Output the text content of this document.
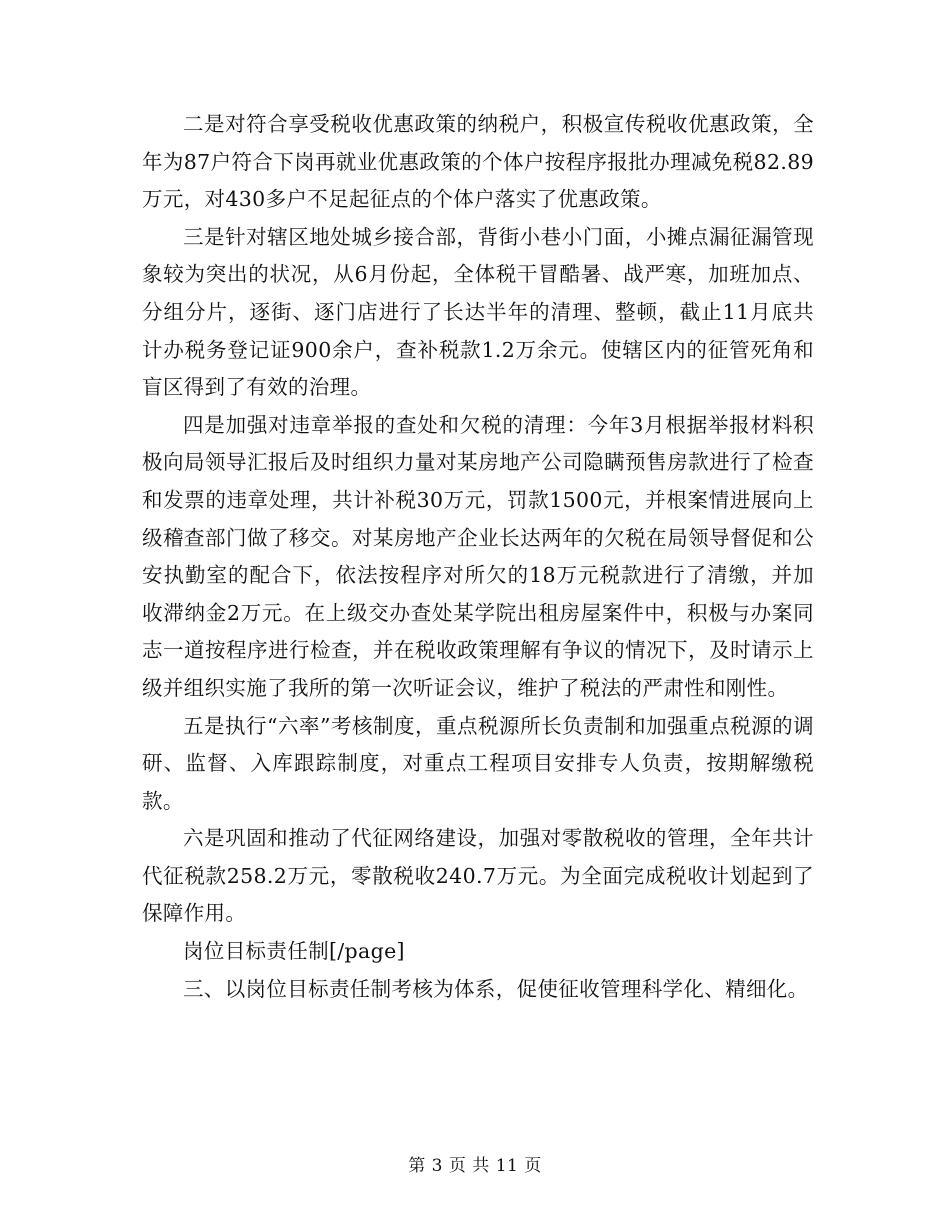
二是对符合享受税收优惠政策的纳税户，积极宣传税收优惠政策，全年为87户符合下岗再就业优惠政策的个体户按程序报批办理减免税82.89万元，对430多户不足起征点的个体户落实了优惠政策。

三是针对辖区地处城乡接合部，背街小巷小门面，小摊点漏征漏管现象较为突出的状况，从6月份起，全体税干冒酷暑、战严寒，加班加点、分组分片，逐街、逐门店进行了长达半年的清理、整顿，截止11月底共计办税务登记证900余户，查补税款1.2万余元。使辖区内的征管死角和盲区得到了有效的治理。

四是加强对违章举报的查处和欠税的清理：今年3月根据举报材料积极向局领导汇报后及时组织力量对某房地产公司隐瞒预售房款进行了检查和发票的违章处理，共计补税30万元，罚款1500元，并根案情进展向上级稽查部门做了移交。对某房地产企业长达两年的欠税在局领导督促和公安执勤室的配合下，依法按程序对所欠的18万元税款进行了清缴，并加收滞纳金2万元。在上级交办查处某学院出租房屋案件中，积极与办案同志一道按程序进行检查，并在税收政策理解有争议的情况下，及时请示上级并组织实施了我所的第一次听证会议，维护了税法的严肃性和刚性。

五是执行“六率”考核制度，重点税源所长负责制和加强重点税源的调研、监督、入库跟踪制度，对重点工程项目安排专人负责，按期解缴税款。

六是巩固和推动了代征网络建设，加强对零散税收的管理，全年共计代征税款258.2万元，零散税收240.7万元。为全面完成税收计划起到了保障作用。

岗位目标责任制[/page]

三、以岗位目标责任制考核为体系，促使征收管理科学化、精细化。

第 3 页 共 11 页
